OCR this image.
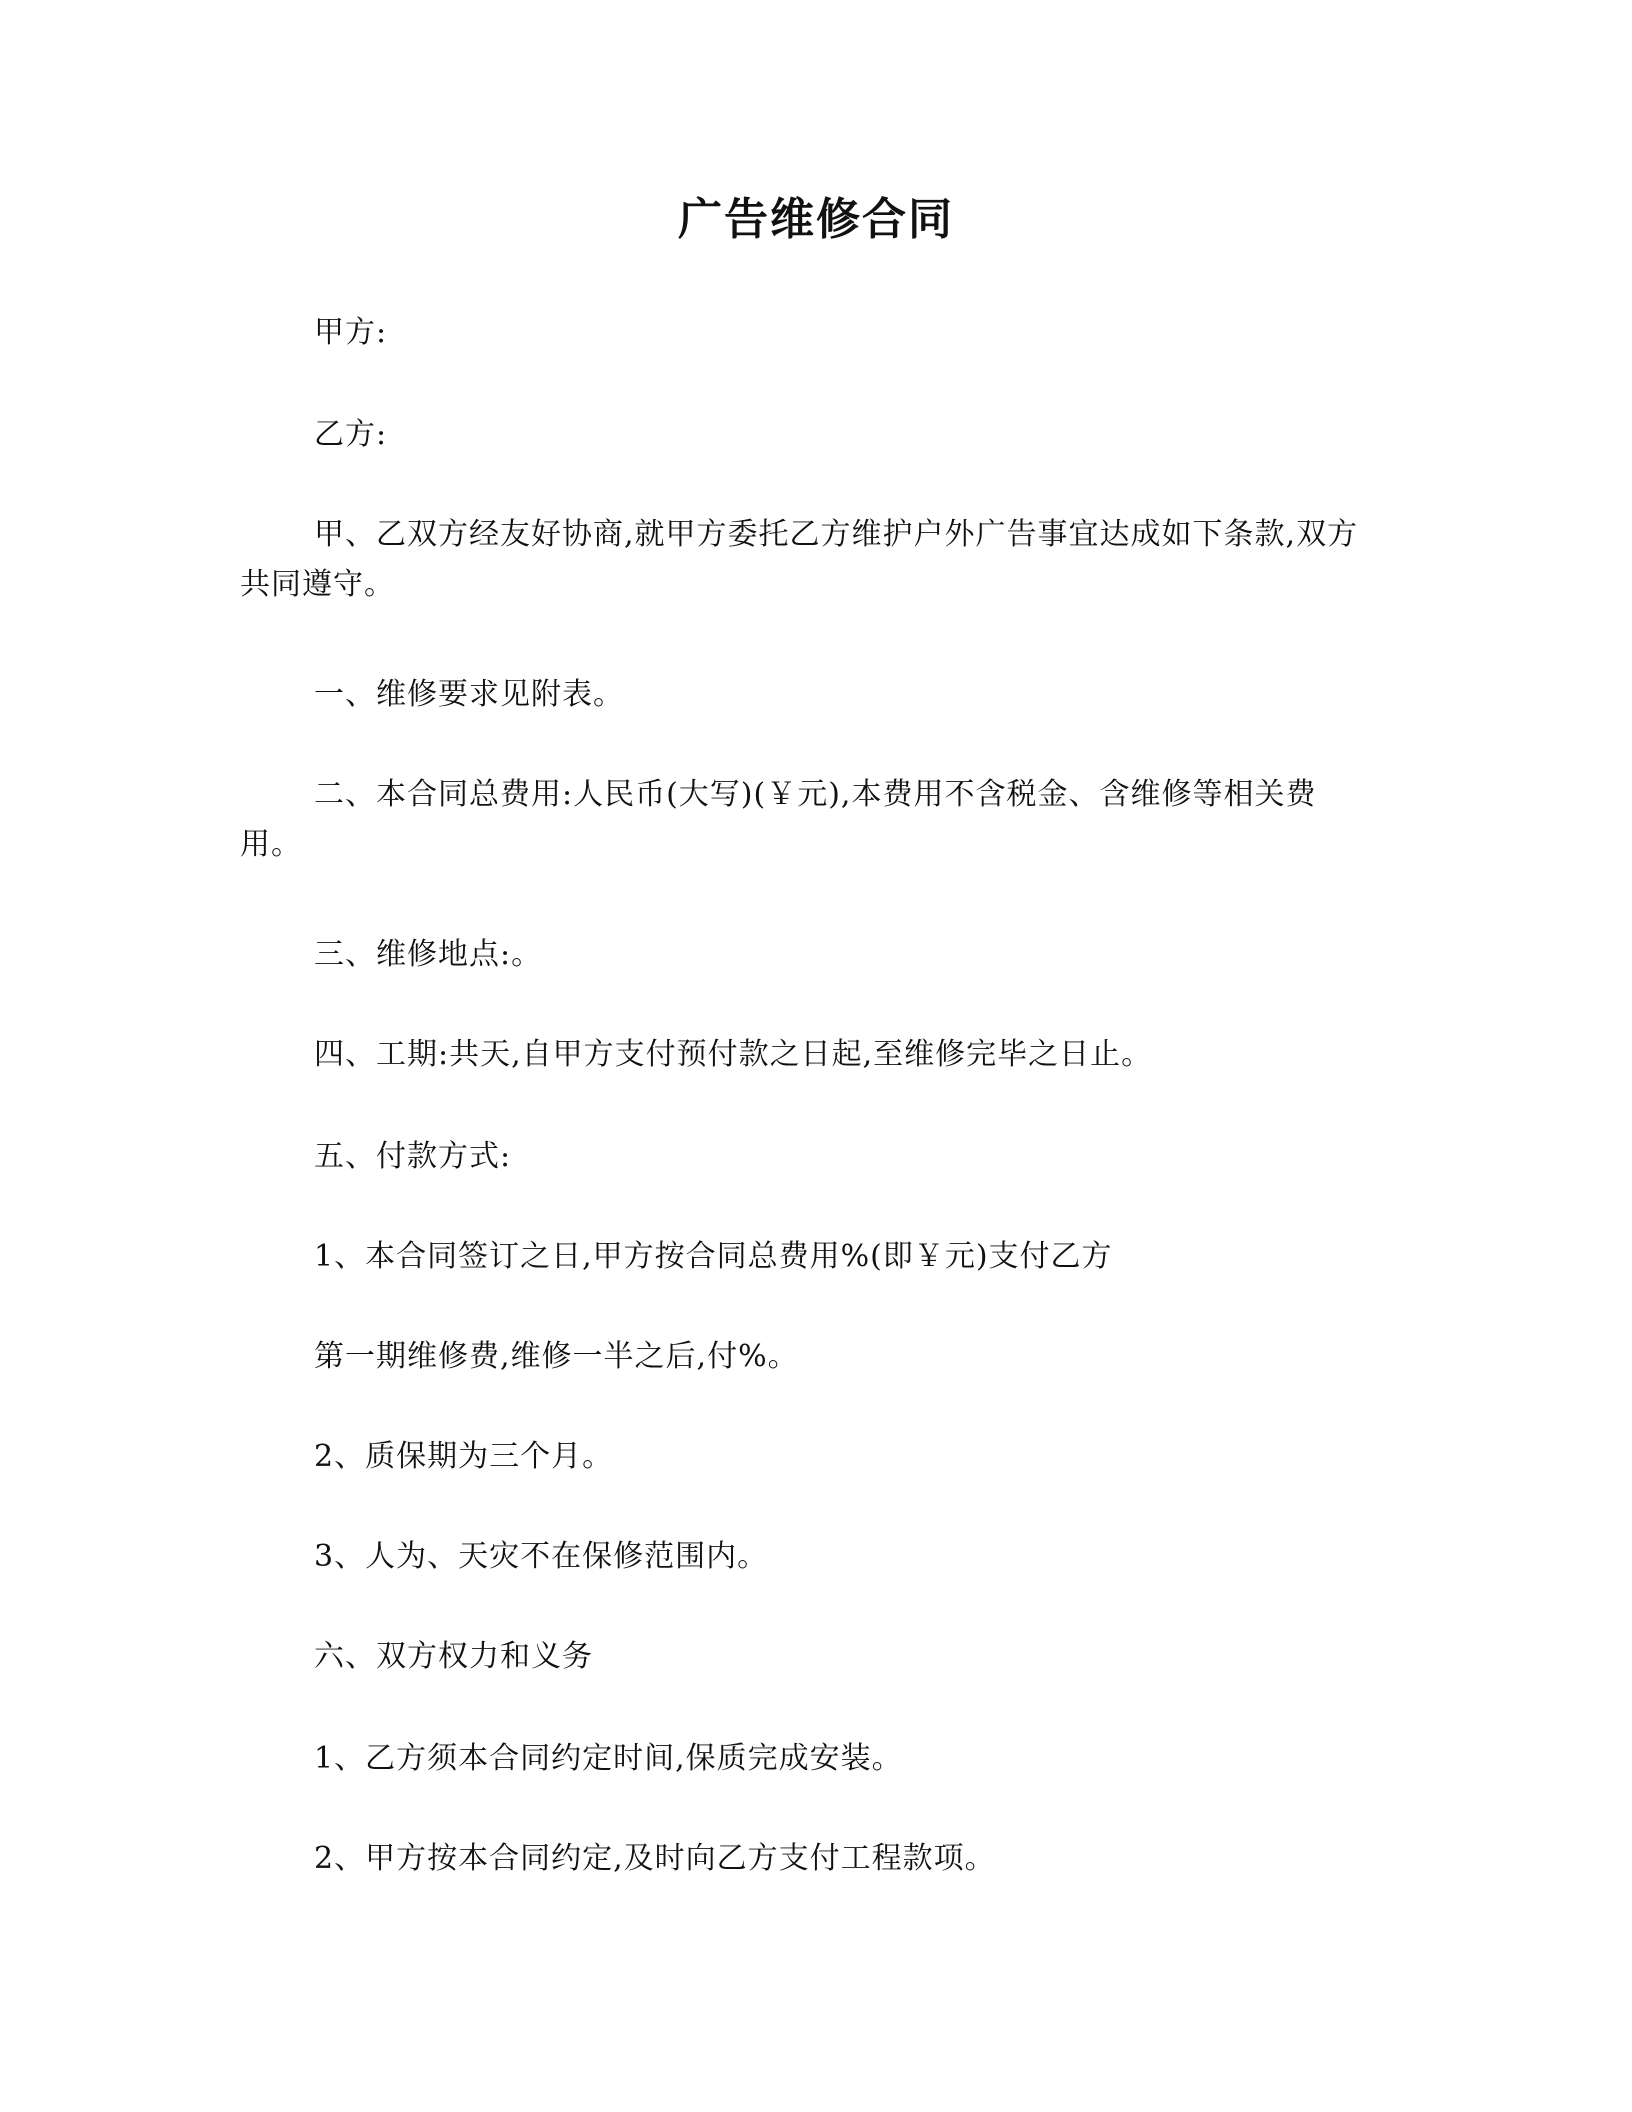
广告维修合同
甲方:
乙方:
甲、乙双方经友好协商,就甲方委托乙方维护户外广告事宜达成如下条款,双方共同遵守。
一、维修要求见附表。
二、本合同总费用:人民币(大写)(￥元),本费用不含税金、含维修等相关费用。
三、维修地点:。
四、工期:共天,自甲方支付预付款之日起,至维修完毕之日止。
五、付款方式:
1、本合同签订之日,甲方按合同总费用%(即￥元)支付乙方
第一期维修费,维修一半之后,付%。
2、质保期为三个月。
3、人为、天灾不在保修范围内。
六、双方权力和义务
1、乙方须本合同约定时间,保质完成安装。
2、甲方按本合同约定,及时向乙方支付工程款项。
